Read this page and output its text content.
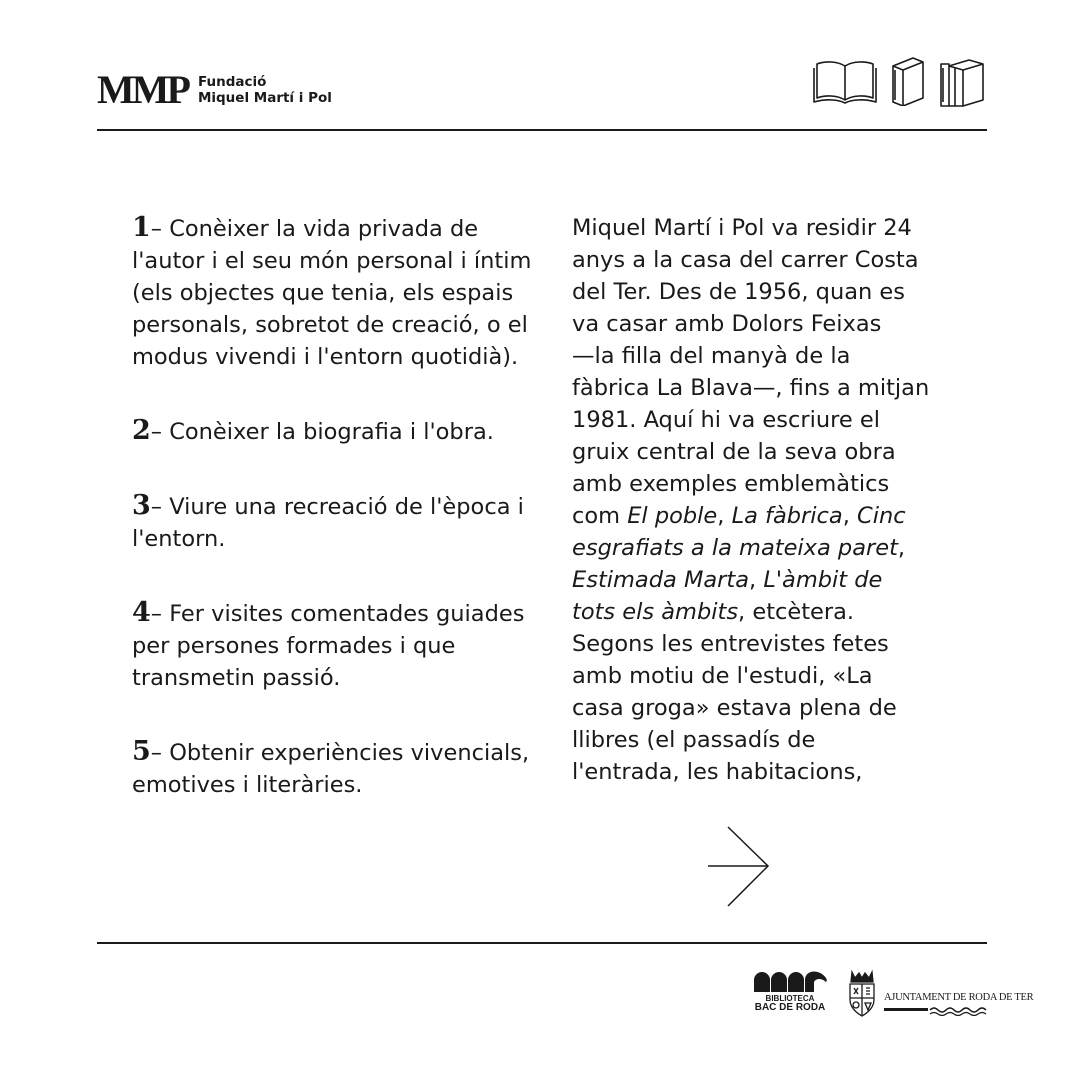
MMP Fundació
Miquel Martí i Pol

1– Conèixer la vida privada de l'autor i el seu món personal i íntim (els objectes que tenia, els espais personals, sobretot de creació, o el modus vivendi i l'entorn quotidià).

2– Conèixer la biografia i l'obra.

3– Viure una recreació de l'època i l'entorn.

4– Fer visites comentades guiades per persones formades i que transmetin passió.

5– Obtenir experiències vivencials, emotives i literàries.

Miquel Martí i Pol va residir 24
anys a la casa del carrer Costa
del Ter. Des de 1956, quan es
va casar amb Dolors Feixas
—la filla del manyà de la
fàbrica La Blava—, fins a mitjan
1981. Aquí hi va escriure el
gruix central de la seva obra
amb exemples emblemàtics
com El poble, La fàbrica, Cinc
esgrafiats a la mateixa paret,
Estimada Marta, L'àmbit de
tots els àmbits, etcètera.
Segons les entrevistes fetes
amb motiu de l'estudi, «La
casa groga» estava plena de
llibres (el passadís de
l'entrada, les habitacions,
BIBLIOTECA
BAC DE RODA
AJUNTAMENT DE RODA DE TER
